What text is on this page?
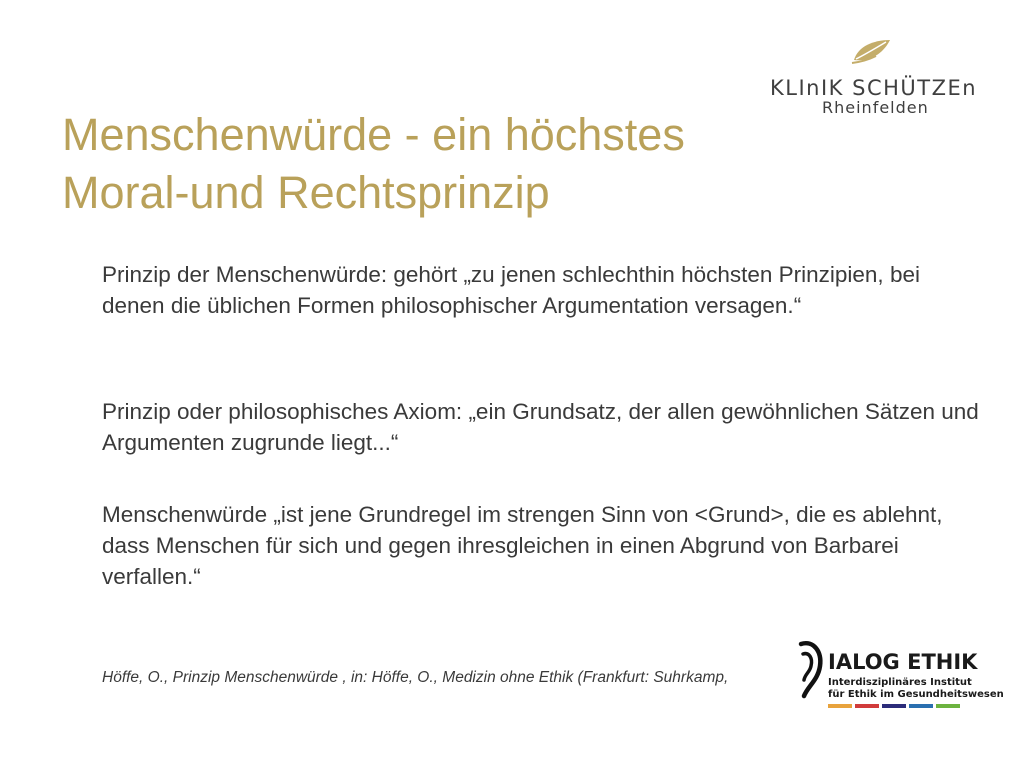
Menschenwürde - ein höchstes
Moral-und Rechtsprinzip
KLInIK SCHÜTZEn
Rheinfelden
Prinzip der Menschenwürde: gehört „zu jenen schlechthin höchsten Prinzipien, bei denen die üblichen Formen philosophischer Argumentation versagen.“
Prinzip oder philosophisches Axiom: „ein Grundsatz, der allen gewöhnlichen Sätzen und Argumenten zugrunde liegt...“
Menschenwürde „ist jene Grundregel im strengen Sinn von <Grund>, die es ablehnt, dass Menschen für sich und gegen ihresgleichen in einen Abgrund von Barbarei verfallen.“
Höffe, O., Prinzip Menschenwürde , in: Höffe, O., Medizin ohne Ethik (Frankfurt: Suhrkamp,
IALOG ETHIK
Interdisziplinäres Institut
für Ethik im Gesundheitswesen
